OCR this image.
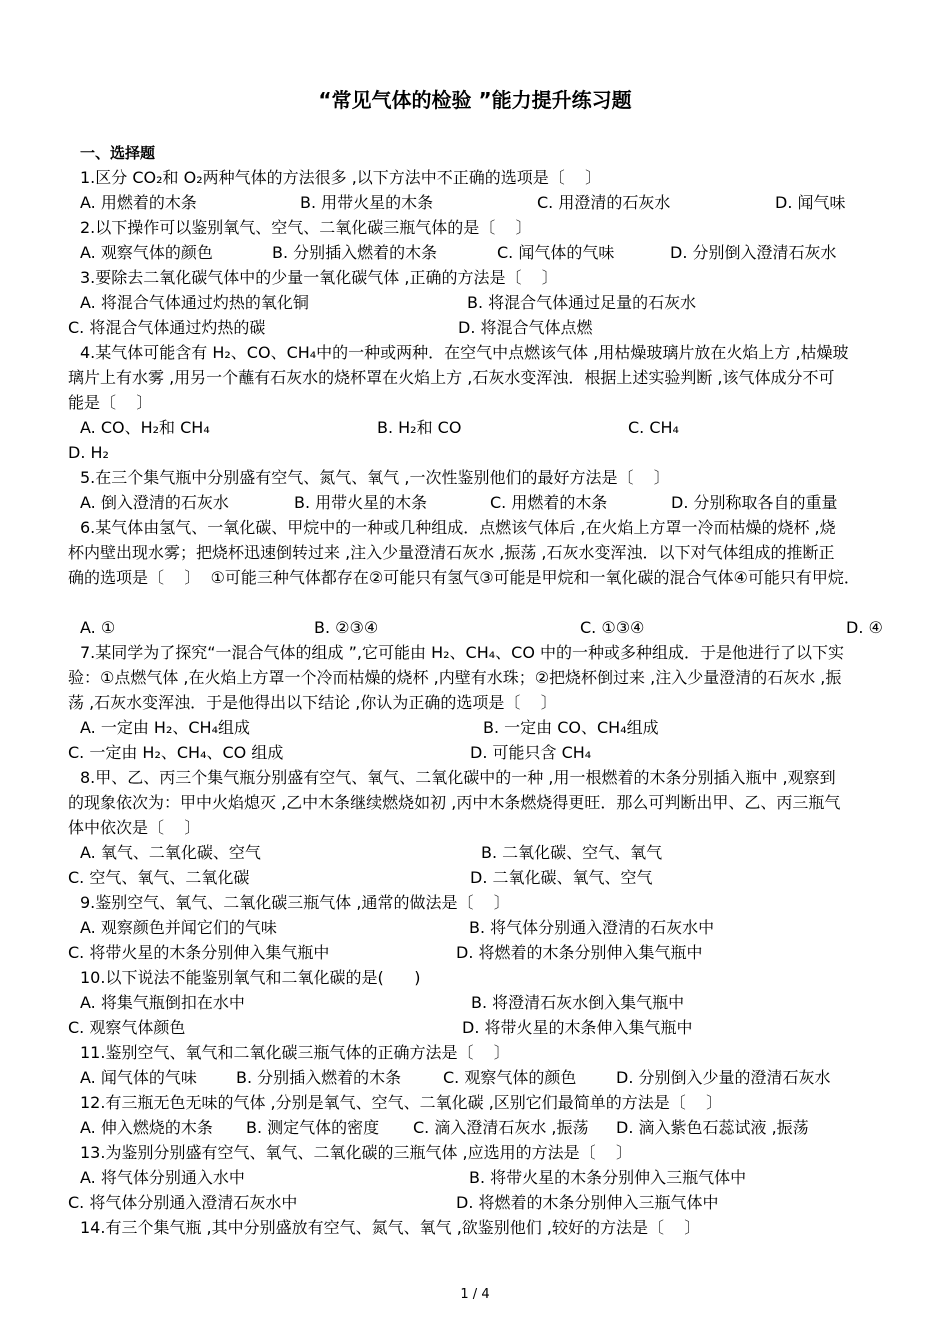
“常见气体的检验 ”能力提升练习题
一、选择题
1.区分 CO₂和 O₂两种气体的方法很多 ,以下方法中不正确的选项是〔    〕

A. 用燃着的木条

	B. 用带火星的木条

	C. 用澄清的石灰水

	D. 闻气味

2.以下操作可以鉴别氧气、空气、二氧化碳三瓶气体的是〔    〕

A. 观察气体的颜色

	B. 分别插入燃着的木条

	C. 闻气体的气味

	D. 分别倒入澄清石灰水

3.要除去二氧化碳气体中的少量一氧化碳气体 ,正确的方法是〔    〕

A. 将混合气体通过灼热的氧化铜

	B. 将混合气体通过足量的石灰水

C. 将混合气体通过灼热的碳

	D. 将混合气体点燃

4.某气体可能含有 H₂、CO、CH₄中的一种或两种．在空气中点燃该气体 ,用枯燥玻璃片放在火焰上方 ,枯燥玻
璃片上有水雾 ,用另一个蘸有石灰水的烧杯罩在火焰上方 ,石灰水变浑浊．根据上述实验判断 ,该气体成分不可
能是〔    〕

A. CO、H₂和 CH₄

	B. H₂和 CO

	C. CH₄

D. H₂

5.在三个集气瓶中分别盛有空气、氮气、氧气 ,一次性鉴别他们的最好方法是〔    〕

A. 倒入澄清的石灰水

	B. 用带火星的木条

	C. 用燃着的木条

	D. 分别称取各自的重量

6.某气体由氢气、一氧化碳、甲烷中的一种或几种组成．点燃该气体后 ,在火焰上方罩一冷而枯燥的烧杯 ,烧
杯内壁出现水雾；把烧杯迅速倒转过来 ,注入少量澄清石灰水 ,振荡 ,石灰水变浑浊．以下对气体组成的推断正
确的选项是〔    〕  ①可能三种气体都存在②可能只有氢气③可能是甲烷和一氧化碳的混合气体④可能只有甲烷．

A. ①

	B. ②③④

	C. ①③④

	D. ④

7.某同学为了探究“一混合气体的组成 ”,它可能由 H₂、CH₄、CO 中的一种或多种组成．于是他进行了以下实
验：①点燃气体 ,在火焰上方罩一个冷而枯燥的烧杯 ,内壁有水珠；②把烧杯倒过来 ,注入少量澄清的石灰水 ,振
荡 ,石灰水变浑浊．于是他得出以下结论 ,你认为正确的选项是〔    〕

A. 一定由 H₂、CH₄组成

	B. 一定由 CO、CH₄组成

C. 一定由 H₂、CH₄、CO 组成

	D. 可能只含 CH₄

8.甲、乙、丙三个集气瓶分别盛有空气、氧气、二氧化碳中的一种 ,用一根燃着的木条分别插入瓶中 ,观察到
的现象依次为：甲中火焰熄灭 ,乙中木条继续燃烧如初 ,丙中木条燃烧得更旺．那么可判断出甲、乙、丙三瓶气
体中依次是〔    〕

A. 氧气、二氧化碳、空气

	B. 二氧化碳、空气、氧气

C. 空气、氧气、二氧化碳

	D. 二氧化碳、氧气、空气

9.鉴别空气、氧气、二氧化碳三瓶气体 ,通常的做法是〔    〕

A. 观察颜色并闻它们的气味

	B. 将气体分别通入澄清的石灰水中

C. 将带火星的木条分别伸入集气瓶中

	D. 将燃着的木条分别伸入集气瓶中

10.以下说法不能鉴别氧气和二氧化碳的是(      )

A. 将集气瓶倒扣在水中

	B. 将澄清石灰水倒入集气瓶中

C. 观察气体颜色

	D. 将带火星的木条伸入集气瓶中

11.鉴别空气、氧气和二氧化碳三瓶气体的正确方法是〔    〕

A. 闻气体的气味

B. 分别插入燃着的木条

	C. 观察气体的颜色

D. 分别倒入少量的澄清石灰水

12.有三瓶无色无味的气体 ,分别是氧气、空气、二氧化碳 ,区别它们最简单的方法是〔    〕

A. 伸入燃烧的木条

B. 测定气体的密度

C. 滴入澄清石灰水 ,振荡

D. 滴入紫色石蕊试液 ,振荡

13.为鉴别分别盛有空气、氧气、二氧化碳的三瓶气体 ,应选用的方法是〔    〕

A. 将气体分别通入水中

	B. 将带火星的木条分别伸入三瓶气体中

C. 将气体分别通入澄清石灰水中

	D. 将燃着的木条分别伸入三瓶气体中

14.有三个集气瓶 ,其中分别盛放有空气、氮气、氧气 ,欲鉴别他们 ,较好的方法是〔    〕
1 / 4
